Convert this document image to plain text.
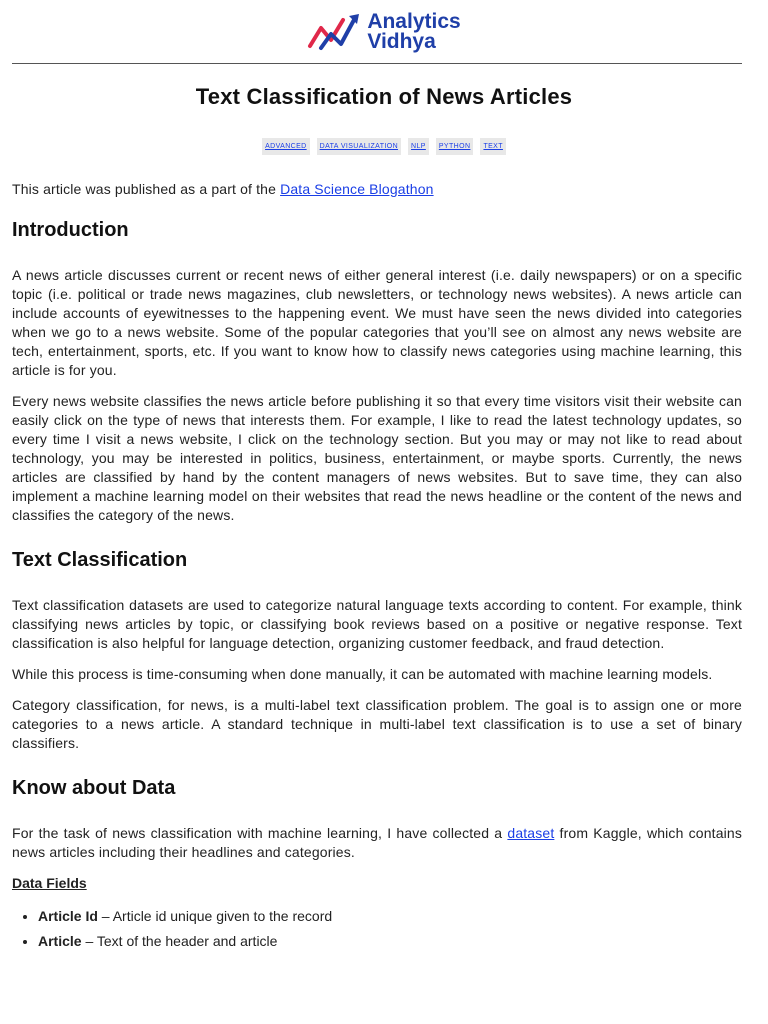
Analytics
Vidhya
Text Classification of News Articles
ADVANCED	DATA VISUALIZATION	NLP	PYTHON	TEXT

This article was published as a part of the Data Science Blogathon

Introduction

A news article discusses current or recent news of either general interest (i.e. daily newspapers) or on a specific topic (i.e. political or trade news magazines, club newsletters, or technology news websites). A news article can include accounts of eyewitnesses to the happening event. We must have seen the news divided into categories when we go to a news website. Some of the popular categories that you’ll see on almost any news website are tech, entertainment, sports, etc. If you want to know how to classify news categories using machine learning, this article is for you.

Every news website classifies the news article before publishing it so that every time visitors visit their website can easily click on the type of news that interests them. For example, I like to read the latest technology updates, so every time I visit a news website, I click on the technology section. But you may or may not like to read about technology, you may be interested in politics, business, entertainment, or maybe sports. Currently, the news articles are classified by hand by the content managers of news websites. But to save time, they can also implement a machine learning model on their websites that read the news headline or the content of the news and classifies the category of the news.

Text Classification

Text classification datasets are used to categorize natural language texts according to content. For example, think classifying news articles by topic, or classifying book reviews based on a positive or negative response. Text classification is also helpful for language detection, organizing customer feedback, and fraud detection.

While this process is time-consuming when done manually, it can be automated with machine learning models.

Category classification, for news, is a multi-label text classification problem. The goal is to assign one or more categories to a news article. A standard technique in multi-label text classification is to use a set of binary classifiers.

Know about Data

For the task of news classification with machine learning, I have collected a dataset from Kaggle, which contains news articles including their headlines and categories.

Data Fields
• Article Id – Article id unique given to the record
• Article – Text of the header and article
